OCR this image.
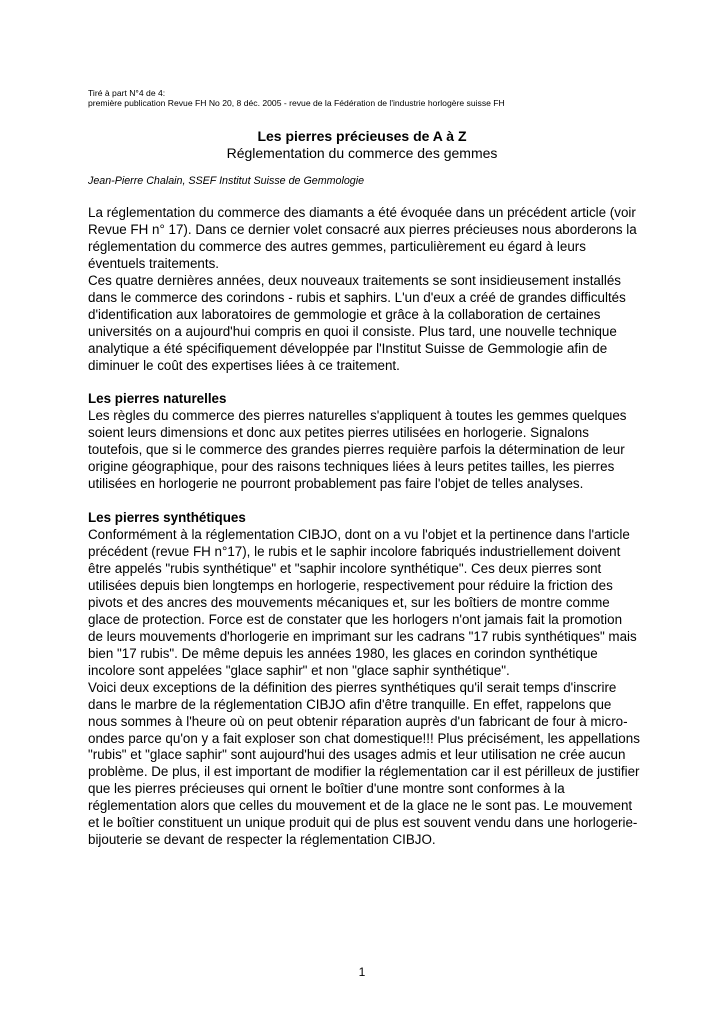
Tiré à part N°4 de 4:
première publication Revue FH No 20, 8 déc. 2005 - revue de la Fédération de l'industrie horlogère suisse FH
Les pierres précieuses de A à Z
Réglementation du commerce des gemmes
Jean-Pierre Chalain, SSEF Institut Suisse de Gemmologie

La réglementation du commerce des diamants a été évoquée dans un précédent article (voir Revue FH n° 17). Dans ce dernier volet consacré aux pierres précieuses nous aborderons la réglementation du commerce des autres gemmes, particulièrement eu égard à leurs éventuels traitements.

Ces quatre dernières années, deux nouveaux traitements se sont insidieusement installés dans le commerce des corindons - rubis et saphirs. L'un d'eux a créé de grandes difficultés d'identification aux laboratoires de gemmologie et grâce à la collaboration de certaines universités on a aujourd'hui compris en quoi il consiste. Plus tard, une nouvelle technique analytique a été spécifiquement développée par l'Institut Suisse de Gemmologie afin de diminuer le coût des expertises liées à ce traitement.

Les pierres naturelles

Les règles du commerce des pierres naturelles s'appliquent à toutes les gemmes quelques soient leurs dimensions et donc aux petites pierres utilisées en horlogerie. Signalons toutefois, que si le commerce des grandes pierres requière parfois la détermination de leur origine géographique, pour des raisons techniques liées à leurs petites tailles, les pierres utilisées en horlogerie ne pourront probablement pas faire l'objet de telles analyses.

Les pierres synthétiques

Conformément à la réglementation CIBJO, dont on a vu l'objet et la pertinence dans l'article précédent (revue FH n°17), le rubis et le saphir incolore fabriqués industriellement doivent être appelés "rubis synthétique" et "saphir incolore synthétique". Ces deux pierres sont utilisées depuis bien longtemps en horlogerie, respectivement pour réduire la friction des pivots et des ancres des mouvements mécaniques et, sur les boîtiers de montre comme glace de protection. Force est de constater que les horlogers n'ont jamais fait la promotion de leurs mouvements d'horlogerie en imprimant sur les cadrans "17 rubis synthétiques" mais bien "17 rubis". De même depuis les années 1980, les glaces en corindon synthétique incolore sont appelées "glace saphir" et non "glace saphir synthétique".

Voici deux exceptions de la définition des pierres synthétiques qu'il serait temps d'inscrire dans le marbre de la réglementation CIBJO afin d'être tranquille. En effet, rappelons que nous sommes à l'heure où on peut obtenir réparation auprès d'un fabricant de four à micro-ondes parce qu'on y a fait exploser son chat domestique!!! Plus précisément, les appellations "rubis" et "glace saphir" sont aujourd'hui des usages admis et leur utilisation ne crée aucun problème. De plus, il est important de modifier la réglementation car il est périlleux de justifier que les pierres précieuses qui ornent le boîtier d'une montre sont conformes à la réglementation alors que celles du mouvement et de la glace ne le sont pas. Le mouvement et le boîtier constituent un unique produit qui de plus est souvent vendu dans une horlogerie-bijouterie se devant de respecter la réglementation CIBJO.

1
